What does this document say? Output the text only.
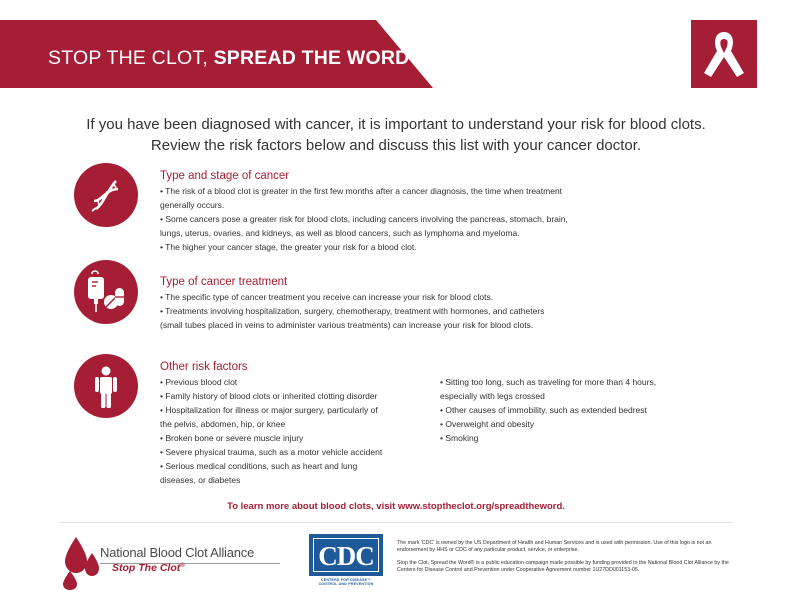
STOP THE CLOT, SPREAD THE WORD®

If you have been diagnosed with cancer, it is important to understand your risk for blood clots. Review the risk factors below and discuss this list with your cancer doctor.

Type and stage of cancer
• The risk of a blood clot is greater in the first few months after a cancer diagnosis, the time when treatment
generally occurs.
• Some cancers pose a greater risk for blood clots, including cancers involving the pancreas, stomach, brain,
lungs, uterus, ovaries, and kidneys, as well as blood cancers, such as lymphoma and myeloma.
• The higher your cancer stage, the greater your risk for a blood clot.
Type of cancer treatment
• The specific type of cancer treatment you receive can increase your risk for blood clots.
• Treatments involving hospitalization, surgery, chemotherapy, treatment with hormones, and catheters
(small tubes placed in veins to administer various treatments) can increase your risk for blood clots.
Other risk factors
• Previous blood clot
• Family history of blood clots or inherited clotting disorder
• Hospitalization for illness or major surgery, particularly of
the pelvis, abdomen, hip, or knee
• Broken bone or severe muscle injury
• Severe physical trauma, such as a motor vehicle accident
• Serious medical conditions, such as heart and lung
diseases, or diabetes
• Sitting too long, such as traveling for more than 4 hours,
especially with legs crossed
• Other causes of immobility, such as extended bedrest
• Overweight and obesity
• Smoking
To learn more about blood clots, visit www.stoptheclot.org/spreadtheword.
National Blood Clot Alliance
Stop The Clot®	CDC
CENTERS FOR DISEASE™
CONTROL AND PREVENTION

The mark 'CDC' is owned by the US Department of Health and Human Services and is used with permission. Use of this logo is not an endorsement by HHS or CDC of any particular product, service, or enterprise.

Stop the Clot, Spread the Word® is a public education campaign made possible by funding provided to the National Blood Clot Alliance by the Centers for Disease Control and Prevention under Cooperative Agreement number 1U27DD001153-05.
